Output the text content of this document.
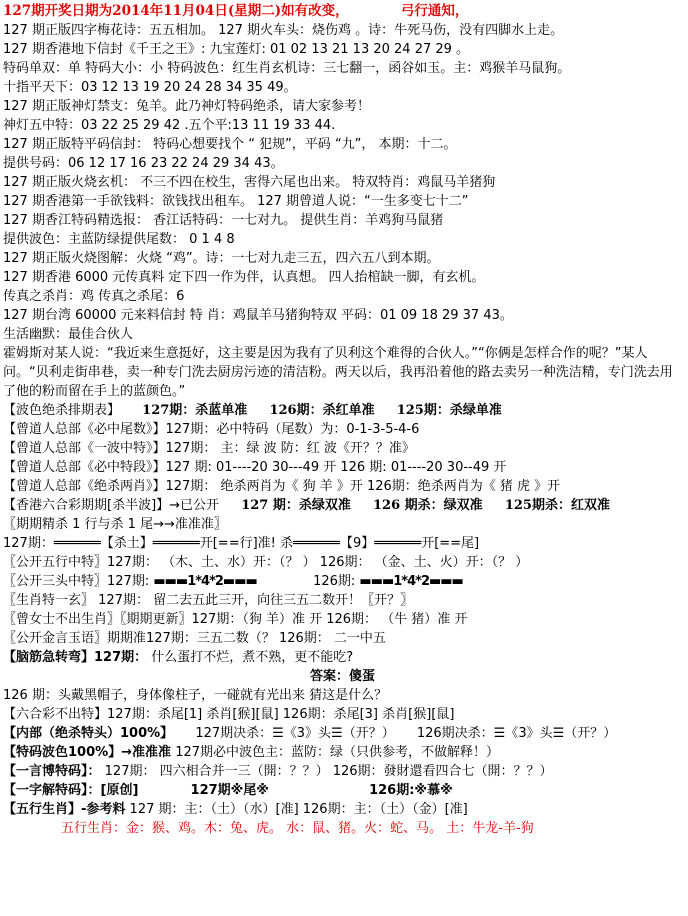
127期开奖日期为2014年11月04日(星期二)如有改变，	弓行通知，
127 期正版四字梅花诗：五五相加。 127 期火车头：烧伤鸡 。诗：牛死马伤，没有四脚水上走。
127 期香港地下信封《千王之王》: 九宝莲灯: 01 02 13 21 13 20 24 27 29 。
特码单双：单 特码大小：小 特码波色：红生肖玄机诗：三七翻一，函谷如玉。主：鸡猴羊马鼠狗。
十指平天下：03 12 13 19 20 24 28 34 35 49。
127 期正版神灯禁支：兔羊。此乃神灯特码绝杀，请大家参考！
神灯五中特：03 22 25 29 42 .五个平:13 11 19 33 44.
127 期正版特平码信封： 特码心想要找个 “ 犯规”，平码 “九”， 本期：十二。
提供号码：06 12 17 16 23 22 24 29 34 43。
127 期正版火烧玄机： 不三不四在校生，害得六尾也出来。 特双特肖：鸡鼠马羊猪狗
127 期香港第一手欲钱料：欲钱找出租车。 127 期曾道人说：“一生多变七十二”
127 期香江特码精选报： 香江话特码：一七对九。 提供生肖：羊鸡狗马鼠猪
提供波色：主蓝防绿提供尾数： 0 1 4 8
127 期正版火烧图解：火烧 “鸡”。诗：一七对九走三五，四六五八到本期。
127 期香港 6000 元传真料 定下四一作为伴，认真想。 四人抬棺缺一脚，有玄机。
传真之杀肖：鸡 传真之杀尾：6
127 期台湾 60000 元来料信封 特 肖：鸡鼠羊马猪狗特双 平码：01 09 18 29 37 43。
生活幽默：最佳合伙人
霍姆斯对某人说：“我近来生意挺好，这主要是因为我有了贝利这个难得的合伙人。”“你俩是怎样合作的呢？”某人问。“贝利走街串巷，卖一种专门洗去厨房污迹的清洁粉。两天以后，我再沿着他的路去卖另一种洗洁精，专门洗去用了他的粉而留在手上的蓝颜色。”
【波色绝杀排期表】 127期：杀蓝单准 126期：杀红单准 125期：杀绿单准
【曾道人总部《必中尾数》】127期：必中特码（尾数）为：0-1-3-5-4-6
【曾道人总部《一波中特》】127期： 主：绿 波 防：红 波《开？？准》
【曾道人总部《必中特段》】127 期: 01----20 30---49 开 126 期: 01----20 30--49 开
【曾道人总部《绝杀两肖》】127期： 绝杀两肖为《 狗 羊 》开 126期：绝杀两肖为《 猪 虎 》开
【香港六合彩期期[杀半波]】→已公开 127 期：杀绿双准 126 期杀：绿双准 125期杀：红双准
〖期期精杀 1 行与杀 1 尾→→准准准〗
127期：══════【杀土】══════开[==行]准! 杀══════【9】══════开[==尾]
〖公开五行中特〗127期： （木、土、水）开：（？ ） 126期： （金、土、火）开：（？ ）
〖公开三头中特〗127期: ▬▬▬1*4*2▬▬▬	126期: ▬▬▬1*4*2▬▬▬
〖生肖特一玄〗 127期： 留二去五此三开，向往三五二数开！〖开？〗
〖曾女士不出生肖〗〖期期更新〗127期：（狗 羊）准 开 126期： （牛 猪）准 开
〖公开金言玉语〗期期准127期：三五二数（？ 126期： 二一中五
【脑筋急转弯】127期： 什么蛋打不烂，煮不熟，更不能吃?
答案：傻蛋
126 期：头戴黑帽子，身体像柱子，一碰就有光出来 猜这是什么？
【六合彩不出特】127期：杀尾[1] 杀肖[猴][鼠] 126期：杀尾[3] 杀肖[猴][鼠]
【内部（绝杀特头）100%】 127期决杀：☰《3》头☰（开？） 126期决杀：☰《3》头☰（开？）
【特码波色100%】→准准准 127期必中波色主：蓝防：绿（只供参考，不做解释！）
【一言博特码】： 127期： 四六相合并一三（開：？？） 126期：發財還看四合七（開：？？）
【一字解特码】：[原创]	127期※尾※	126期:※慕※
【五行生肖】-参考料 127 期：主：（土）（水）[准] 126期：主：（土）（金）[准]
五行生肖：金：猴、鸡。木：兔、虎。 水：鼠、猪。火：蛇、马。 土：牛龙-羊-狗
